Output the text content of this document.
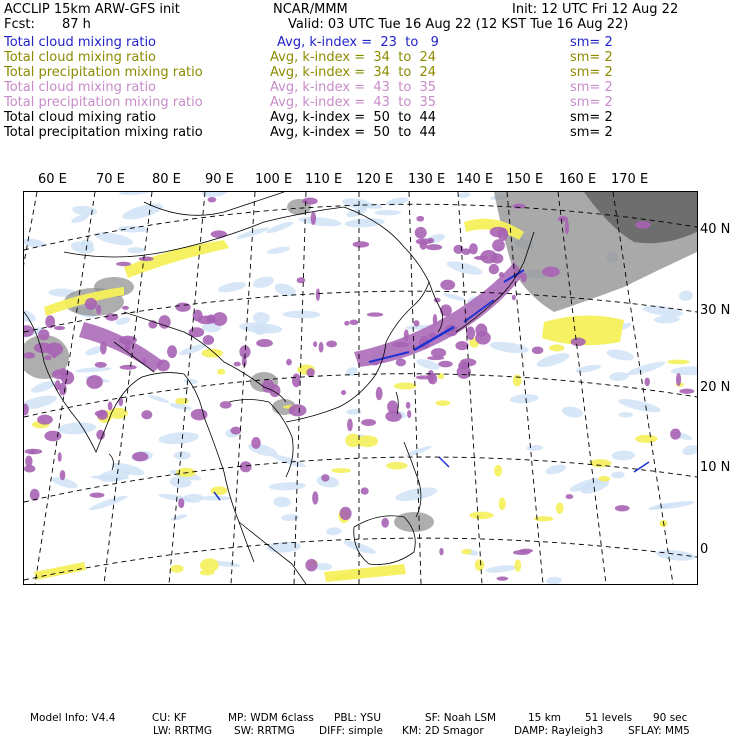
ACCLIP 15km ARW-GFS init	NCAR/MMM	Init: 12 UTC Fri 12 Aug 22
Fcst: 87 h	Valid: 03 UTC Tue 16 Aug 22 (12 KST Tue 16 Aug 22)
Total cloud mixing ratio	Avg, k-index =  23  to   9	sm= 2
Total cloud mixing ratio	Avg, k-index =  34  to  24	sm= 2
Total precipitation mixing ratio	Avg, k-index =  34  to  24	sm= 2
Total cloud mixing ratio	Avg, k-index =  43  to  35	sm= 2
Total precipitation mixing ratio	Avg, k-index =  43  to  35	sm= 2
Total cloud mixing ratio	Avg, k-index =  50  to  44	sm= 2
Total precipitation mixing ratio	Avg, k-index =  50  to  44	sm= 2
60 E 70 E 80 E 90 E 100 E 110 E 120 E 130 E 140 E 150 E 160 E 170 E
40 N
30 N
20 N
10 N
0
Model Info: V4.4	CU: KF	MP: WDM 6class PBL: YSU	SF: Noah LSM	15 km 51 levels 90 sec
LW: RRTMG SW: RRTMG DIFF: simple KM: 2D Smagor	DAMP: Rayleigh3 SFLAY: MM5
